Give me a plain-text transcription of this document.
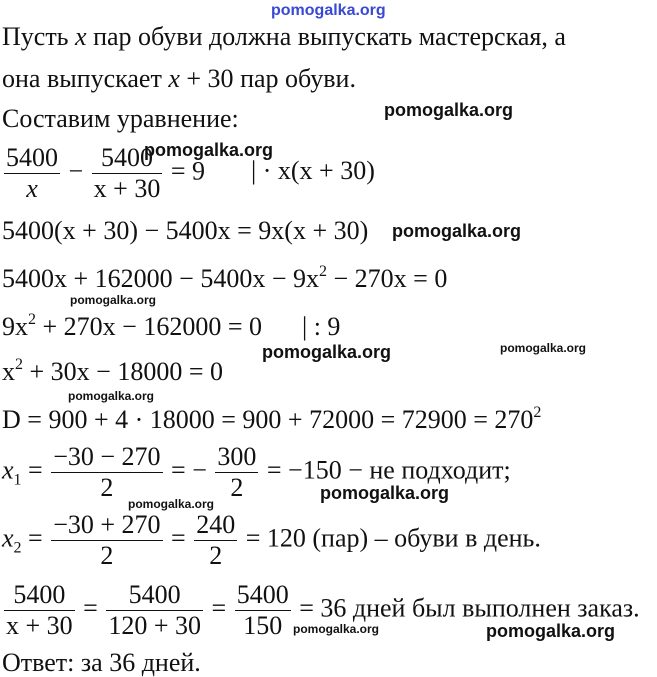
pomogalka.org
pomogalka.org
pomogalka.org
pomogalka.org
pomogalka.org
pomogalka.org	pomogalka.org
pomogalka.org
pomogalka.org
pomogalka.org
pomogalka.org
pomogalka.org
Пусть x пар обуви должна выпускать мастерская, а
она выпускает x + 30 пар обуви.
Составим уравнение:
$\frac{5400}{x} - \frac{5400}{x + 30} = 9$ | · x(x + 30)
5400(x + 30) − 5400x = 9x(x + 30)
$5400x + 162000 - 5400x - 9x^2 - 270x = 0$
$9x^2 + 270x - 162000 = 0$ | : 9
$x^2 + 30x - 18000 = 0$
$D = 900 + 4 \cdot 18000 = 900 + 72000 = 72900 = 270^2$
$x_1 = \frac{-30 - 270}{2}$ = − $\frac{300}{2} = -150$ − не подходит;
$x_2 = \frac{-30 + 270}{2} = \frac{240}{2} = 120$ (пар) – обуви в день.
$\frac{5400}{x + 30} = \frac{5400}{120 + 30} = \frac{5400}{150} = 36$ дней был выполнен заказ.
Ответ: за 36 дней.
